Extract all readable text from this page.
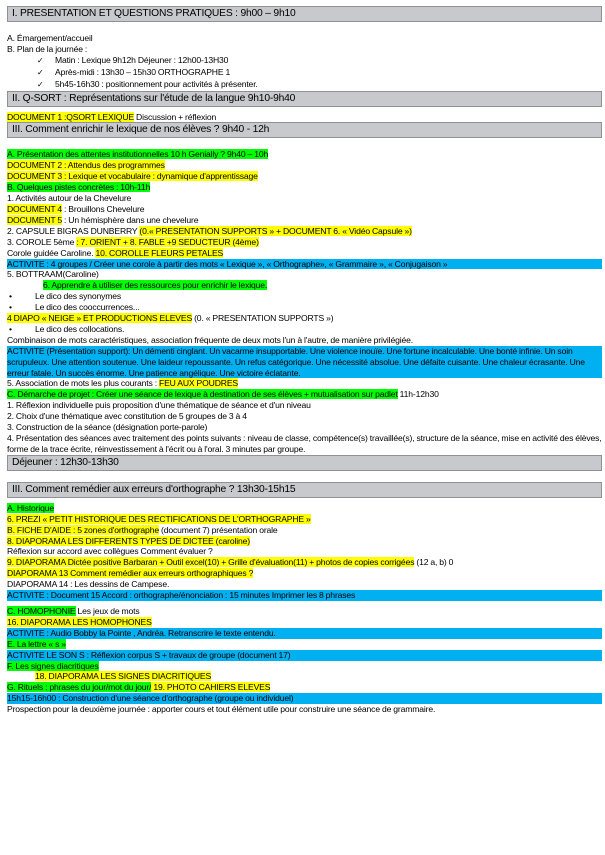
I. PRESENTATION ET QUESTIONS PRATIQUES : 9h00 – 9h10
A. Émargement/accueil
B. Plan de la journée :
✓ Matin : Lexique 9h12h Déjeuner : 12h00-13H30
✓ Après-midi : 13h30 – 15h30 ORTHOGRAPHE 1
✓ 5h45-16h30 : positionnement pour activités à présenter.
II. Q-SORT : Représentations sur l'étude de la langue 9h10-9h40
DOCUMENT 1 :QSORT LEXIQUE Discussion + réflexion
III. Comment enrichir le lexique de nos élèves ? 9h40 - 12h
A. Présentation des attentes institutionnelles 10 h Genially ? 9h40 – 10h
DOCUMENT 2 : Attendus des programmes
DOCUMENT 3 : Lexique et vocabulaire : dynamique d'apprentissage
B. Quelques pistes concrètes : 10h-11h
1. Activités autour de la Chevelure
DOCUMENT 4 : Brouillons Chevelure
DOCUMENT 5 : Un hémisphère dans une chevelure
2. CAPSULE BIGRAS DUNBERRY (0.« PRESENTATION SUPPORTS » + DOCUMENT 6. « Vidéo Capsule »)
3. COROLE 5ème : 7. ORIENT + 8. FABLE +9 SEDUCTEUR (4ème)
Corole guidée Caroline. 10. COROLLE FLEURS PETALES
ACTIVITE : 4 groupes / Créer une corole à partir des mots « Lexique », « Orthographe», « Grammaire », « Conjugaison »
5. BOTTRAAM(Caroline)
6. Apprendre à utiliser des ressources pour enrichir le lexique.
•	Le dico des synonymes
•	Le dico des cooccurrences...
4 DIAPO « NEIGE » ET PRODUCTIONS ELEVES (0. « PRESENTATION SUPPORTS »)
•	Le dico des collocations.
Combinaison de mots caractéristiques, association fréquente de deux mots l'un à l'autre, de manière privilégiée.
ACTIVITE (Présentation support): Un démenti cinglant. Un vacarme insupportable. Une violence inouïe. Une fortune incalculable. Une bonté infinie. Un soin scrupuleux. Une attention soutenue. Une laideur repoussante. Un refus catégorique. Une nécessité absolue. Une défaite cuisante. Une chaleur écrasante. Une erreur fatale. Un succès énorme. Une patience angélique. Une victoire éclatante.
5. Association de mots les plus courants : FEU AUX POUDRES
C. Démarche de projet : Créer une séance de lexique à destination de ses élèves + mutualisation sur padlet 11h-12h30
1. Réflexion individuelle puis proposition d'une thématique de séance et d'un niveau
2. Choix d'une thématique avec constitution de 5 groupes de 3 à 4
3. Construction de la séance (désignation porte-parole)
4. Présentation des séances avec traitement des points suivants : niveau de classe, compétence(s) travaillée(s), structure de la séance, mise en activité des élèves, forme de la trace écrite, réinvestissement à l'écrit ou à l'oral. 3 minutes par groupe.
Déjeuner : 12h30-13h30
III. Comment remédier aux erreurs d'orthographe ? 13h30-15h15
A. Historique
6. PREZI « PETIT HISTORIQUE DES RECTIFICATIONS DE L'ORTHOGRAPHE »
B. FICHE D'AIDE : 5 zones d'orthographe (document 7) présentation orale
8. DIAPORAMA LES DIFFERENTS TYPES DE DICTEE (caroline)
Réflexion sur accord avec collègues Comment évaluer ?
9. DIAPORAMA Dictée positive Barbaran + Outil excel(10) + Grille d'évaluation(11) + photos de copies corrigées (12 a, b) 0
DIAPORAMA 13 Comment remédier aux erreurs orthographiques ?
DIAPORAMA 14 : Les dessins de Campese.
ACTIVITE : Document 15 Accord : orthographe/énonciation : 15 minutes Imprimer les 8 phrases
C. HOMOPHONIE Les jeux de mots
16. DIAPORAMA LES HOMOPHONES
ACTIVITE : Audio Bobby la Pointe , Andréa. Retranscrire le texte entendu.
E. La lettre « s »
ACTIVITE LE SON S : Réflexion corpus S + travaux de groupe (document 17)
F. Les signes diacritiques
18. DIAPORAMA LES SIGNES DIACRITIQUES
G. Rituels : phrases du jour/mot du jour/ 19. PHOTO CAHIERS ELEVES
15h15-16h00 : Construction d'une séance d'orthographe (groupe ou individuel)
Prospection pour la deuxième journée : apporter cours et tout élément utile pour construire une séance de grammaire.
